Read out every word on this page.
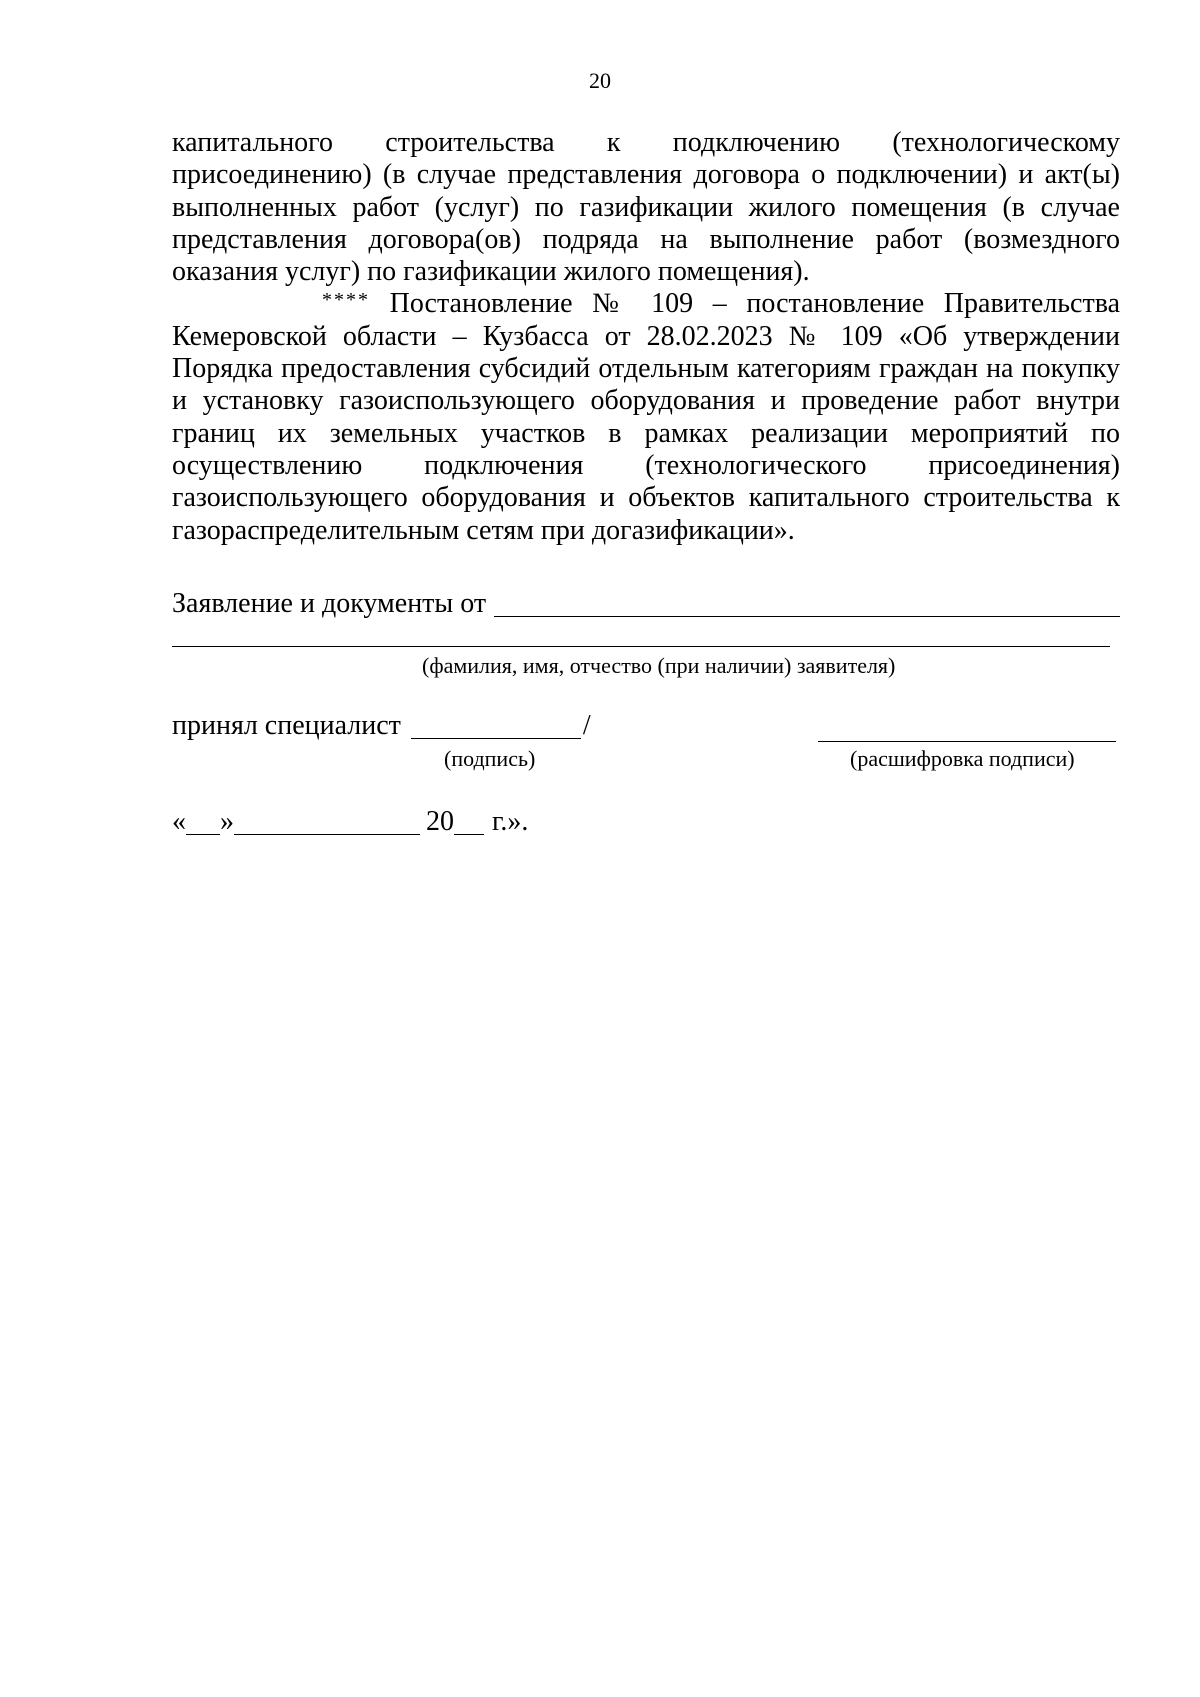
20

капитального строительства к подключению (технологическому присоединению) (в случае представления договора о подключении) и акт(ы) выполненных работ (услуг) по газификации жилого помещения (в случае представления договора(ов) подряда на выполнение работ (возмездного оказания услуг) по газификации жилого помещения).

**** Постановление № 109 – постановление Правительства Кемеровской области – Кузбасса от 28.02.2023 № 109 «Об утверждении Порядка предоставления субсидий отдельным категориям граждан на покупку и установку газоиспользующего оборудования и проведение работ внутри границ их земельных участков в рамках реализации мероприятий по осуществлению подключения (технологического присоединения) газоиспользующего оборудования и объектов капитального строительства к газораспределительным сетям при догазификации».

Заявление и документы от
(фамилия, имя, отчество (при наличии) заявителя)
принял специалист	/
(подпись)	(расшифровка подписи)
« »	20 г.».
